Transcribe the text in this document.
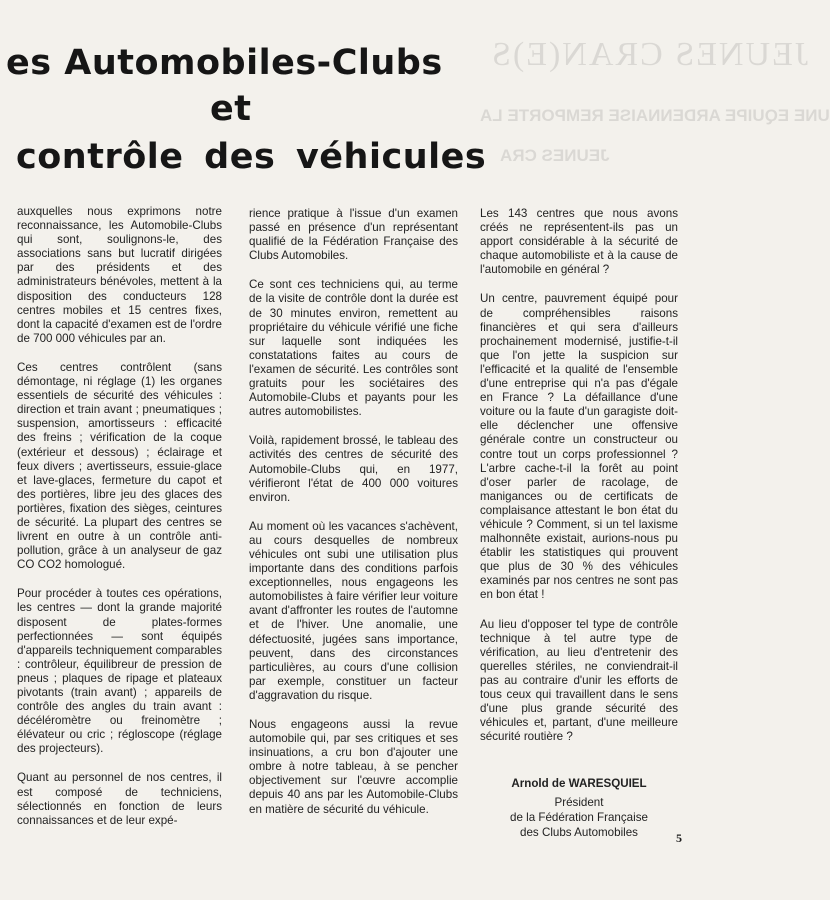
JEUNES CRAN(E)S
UNE EQUIPE ARDENNAISE REMPORTE LA
JEUNES CRA
es Automobiles-Clubs
et
contrôle des véhicules

auxquelles nous exprimons notre reconnaissance, les Automobile-Clubs qui sont, soulignons-le, des associations sans but lucratif dirigées par des présidents et des administrateurs bénévoles, mettent à la disposition des conducteurs 128 centres mobiles et 15 centres fixes, dont la capacité d'examen est de l'ordre de 700 000 véhicules par an.

Ces centres contrôlent (sans démontage, ni réglage (1) les organes essentiels de sécurité des véhicules : direction et train avant ; pneumatiques ; suspension, amortisseurs : efficacité des freins ; vérification de la coque (extérieur et dessous) ; éclairage et feux divers ; avertisseurs, essuie-glace et lave-glaces, fermeture du capot et des portières, libre jeu des glaces des portières, fixation des sièges, ceintures de sécurité. La plupart des centres se livrent en outre à un contrôle anti-pollution, grâce à un analyseur de gaz CO CO2 homologué.

Pour procéder à toutes ces opérations, les centres — dont la grande majorité disposent de plates-formes perfectionnées — sont équipés d'appareils techniquement comparables : contrôleur, équilibreur de pression de pneus ; plaques de ripage et plateaux pivotants (train avant) ; appareils de contrôle des angles du train avant : décéléromètre ou freinomètre ; élévateur ou cric ; régloscope (réglage des projecteurs).

Quant au personnel de nos centres, il est composé de techniciens, sélectionnés en fonction de leurs connaissances et de leur expé-

rience pratique à l'issue d'un examen passé en présence d'un représentant qualifié de la Fédération Française des Clubs Automobiles.

Ce sont ces techniciens qui, au terme de la visite de contrôle dont la durée est de 30 minutes environ, remettent au propriétaire du véhicule vérifié une fiche sur laquelle sont indiquées les constatations faites au cours de l'examen de sécurité. Les contrôles sont gratuits pour les sociétaires des Automobile-Clubs et payants pour les autres automobilistes.

Voilà, rapidement brossé, le tableau des activités des centres de sécurité des Automobile-Clubs qui, en 1977, vérifieront l'état de 400 000 voitures environ.

Au moment où les vacances s'achèvent, au cours desquelles de nombreux véhicules ont subi une utilisation plus importante dans des conditions parfois exceptionnelles, nous engageons les automobilistes à faire vérifier leur voiture avant d'affronter les routes de l'automne et de l'hiver. Une anomalie, une défectuosité, jugées sans importance, peuvent, dans des circonstances particulières, au cours d'une collision par exemple, constituer un facteur d'aggravation du risque.

Nous engageons aussi la revue automobile qui, par ses critiques et ses insinuations, a cru bon d'ajouter une ombre à notre tableau, à se pencher objectivement sur l'œuvre accomplie depuis 40 ans par les Automobile-Clubs en matière de sécurité du véhicule.

Les 143 centres que nous avons créés ne représentent-ils pas un apport considérable à la sécurité de chaque automobiliste et à la cause de l'automobile en général ?

Un centre, pauvrement équipé pour de compréhensibles raisons financières et qui sera d'ailleurs prochainement modernisé, justifie-t-il que l'on jette la suspicion sur l'efficacité et la qualité de l'ensemble d'une entreprise qui n'a pas d'égale en France ? La défaillance d'une voiture ou la faute d'un garagiste doit-elle déclencher une offensive générale contre un constructeur ou contre tout un corps professionnel ? L'arbre cache-t-il la forêt au point d'oser parler de racolage, de manigances ou de certificats de complaisance attestant le bon état du véhicule ? Comment, si un tel laxisme malhonnête existait, aurions-nous pu établir les statistiques qui prouvent que plus de 30 % des véhicules examinés par nos centres ne sont pas en bon état !

Au lieu d'opposer tel type de contrôle technique à tel autre type de vérification, au lieu d'entretenir des querelles stériles, ne conviendrait-il pas au contraire d'unir les efforts de tous ceux qui travaillent dans le sens d'une plus grande sécurité des véhicules et, partant, d'une meilleure sécurité routière ?

Arnold de WARESQUIEL
Président
de la Fédération Française
des Clubs Automobiles	5
